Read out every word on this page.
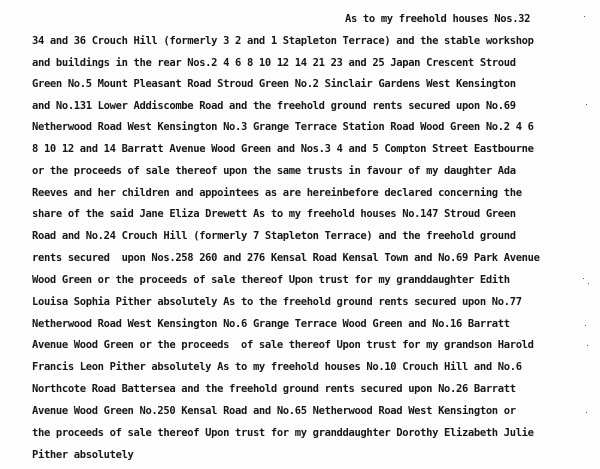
As to my freehold houses Nos.32
34 and 36 Crouch Hill (formerly 3 2 and 1 Stapleton Terrace) and the stable workshop
and buildings in the rear Nos.2 4 6 8 10 12 14 21 23 and 25 Japan Crescent Stroud
Green No.5 Mount Pleasant Road Stroud Green No.2 Sinclair Gardens West Kensington
and No.131 Lower Addiscombe Road and the freehold ground rents secured upon No.69
Netherwood Road West Kensington No.3 Grange Terrace Station Road Wood Green No.2 4 6
8 10 12 and 14 Barratt Avenue Wood Green and Nos.3 4 and 5 Compton Street Eastbourne
or the proceeds of sale thereof upon the same trusts in favour of my daughter Ada
Reeves and her children and appointees as are hereinbefore declared concerning the
share of the said Jane Eliza Drewett As to my freehold houses No.147 Stroud Green
Road and No.24 Crouch Hill (formerly 7 Stapleton Terrace) and the freehold ground
rents secured  upon Nos.258 260 and 276 Kensal Road Kensal Town and No.69 Park Avenue
Wood Green or the proceeds of sale thereof Upon trust for my granddaughter Edith
Louisa Sophia Pither absolutely As to the freehold ground rents secured upon No.77
Netherwood Road West Kensington No.6 Grange Terrace Wood Green and No.16 Barratt
Avenue Wood Green or the proceeds  of sale thereof Upon trust for my grandson Harold
Francis Leon Pither absolutely As to my freehold houses No.10 Crouch Hill and No.6
Northcote Road Battersea and the freehold ground rents secured upon No.26 Barratt
Avenue Wood Green No.250 Kensal Road and No.65 Netherwood Road West Kensington or
the proceeds of sale thereof Upon trust for my granddaughter Dorothy Elizabeth Julie
Pither absolutely
